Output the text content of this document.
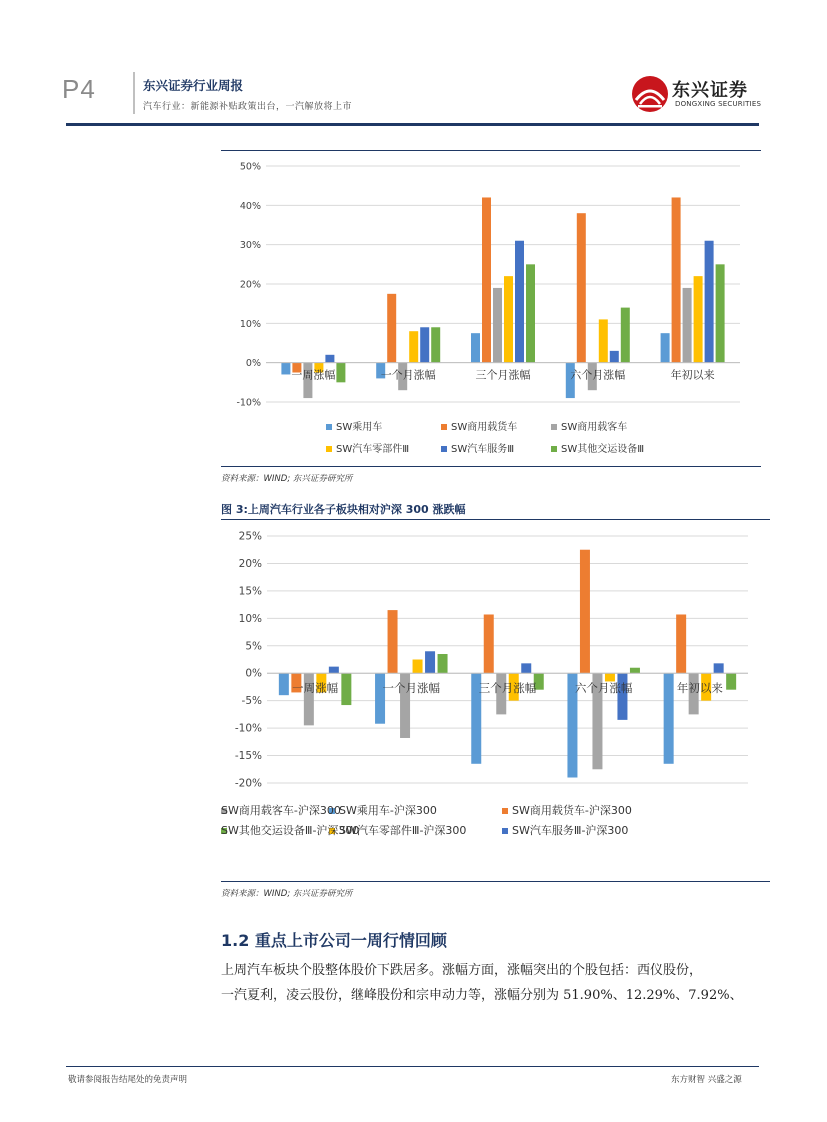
P4	东兴证券行业周报
汽车行业：新能源补贴政策出台，一汽解放将上市
东兴证券
DONGXING SECURITIES
50%
40%
30%
20%
10%
0%
-10%
一周涨幅	一个月涨幅	三个月涨幅	六个月涨幅	年初以来
SW乘用车	SW商用载货车	SW商用载客车
SW汽车零部件Ⅲ	SW汽车服务Ⅲ	SW其他交运设备Ⅲ
资料来源：WIND; 东兴证券研究所
图 3:上周汽车行业各子板块相对沪深 300 涨跌幅
25%
20%
15%
10%
5%
0%
-5%
-10%
-15%
-20%
一周涨幅	一个月涨幅	三个月涨幅	六个月涨幅	年初以来
SW乘用车-沪深300	SW商用载货车-沪深300
SW商用载客车-沪深300
SW汽车零部件Ⅲ-沪深300	SW汽车服务Ⅲ-沪深300
SW其他交运设备Ⅲ-沪深300
资料来源：WIND; 东兴证券研究所
1.2 重点上市公司一周行情回顾
上周汽车板块个股整体股价下跌居多。涨幅方面，涨幅突出的个股包括：西仪股份，
一汽夏利，凌云股份，继峰股份和宗申动力等，涨幅分别为 51.90%、12.29%、7.92%、
敬请参阅报告结尾处的免责声明	东方财智 兴盛之源
